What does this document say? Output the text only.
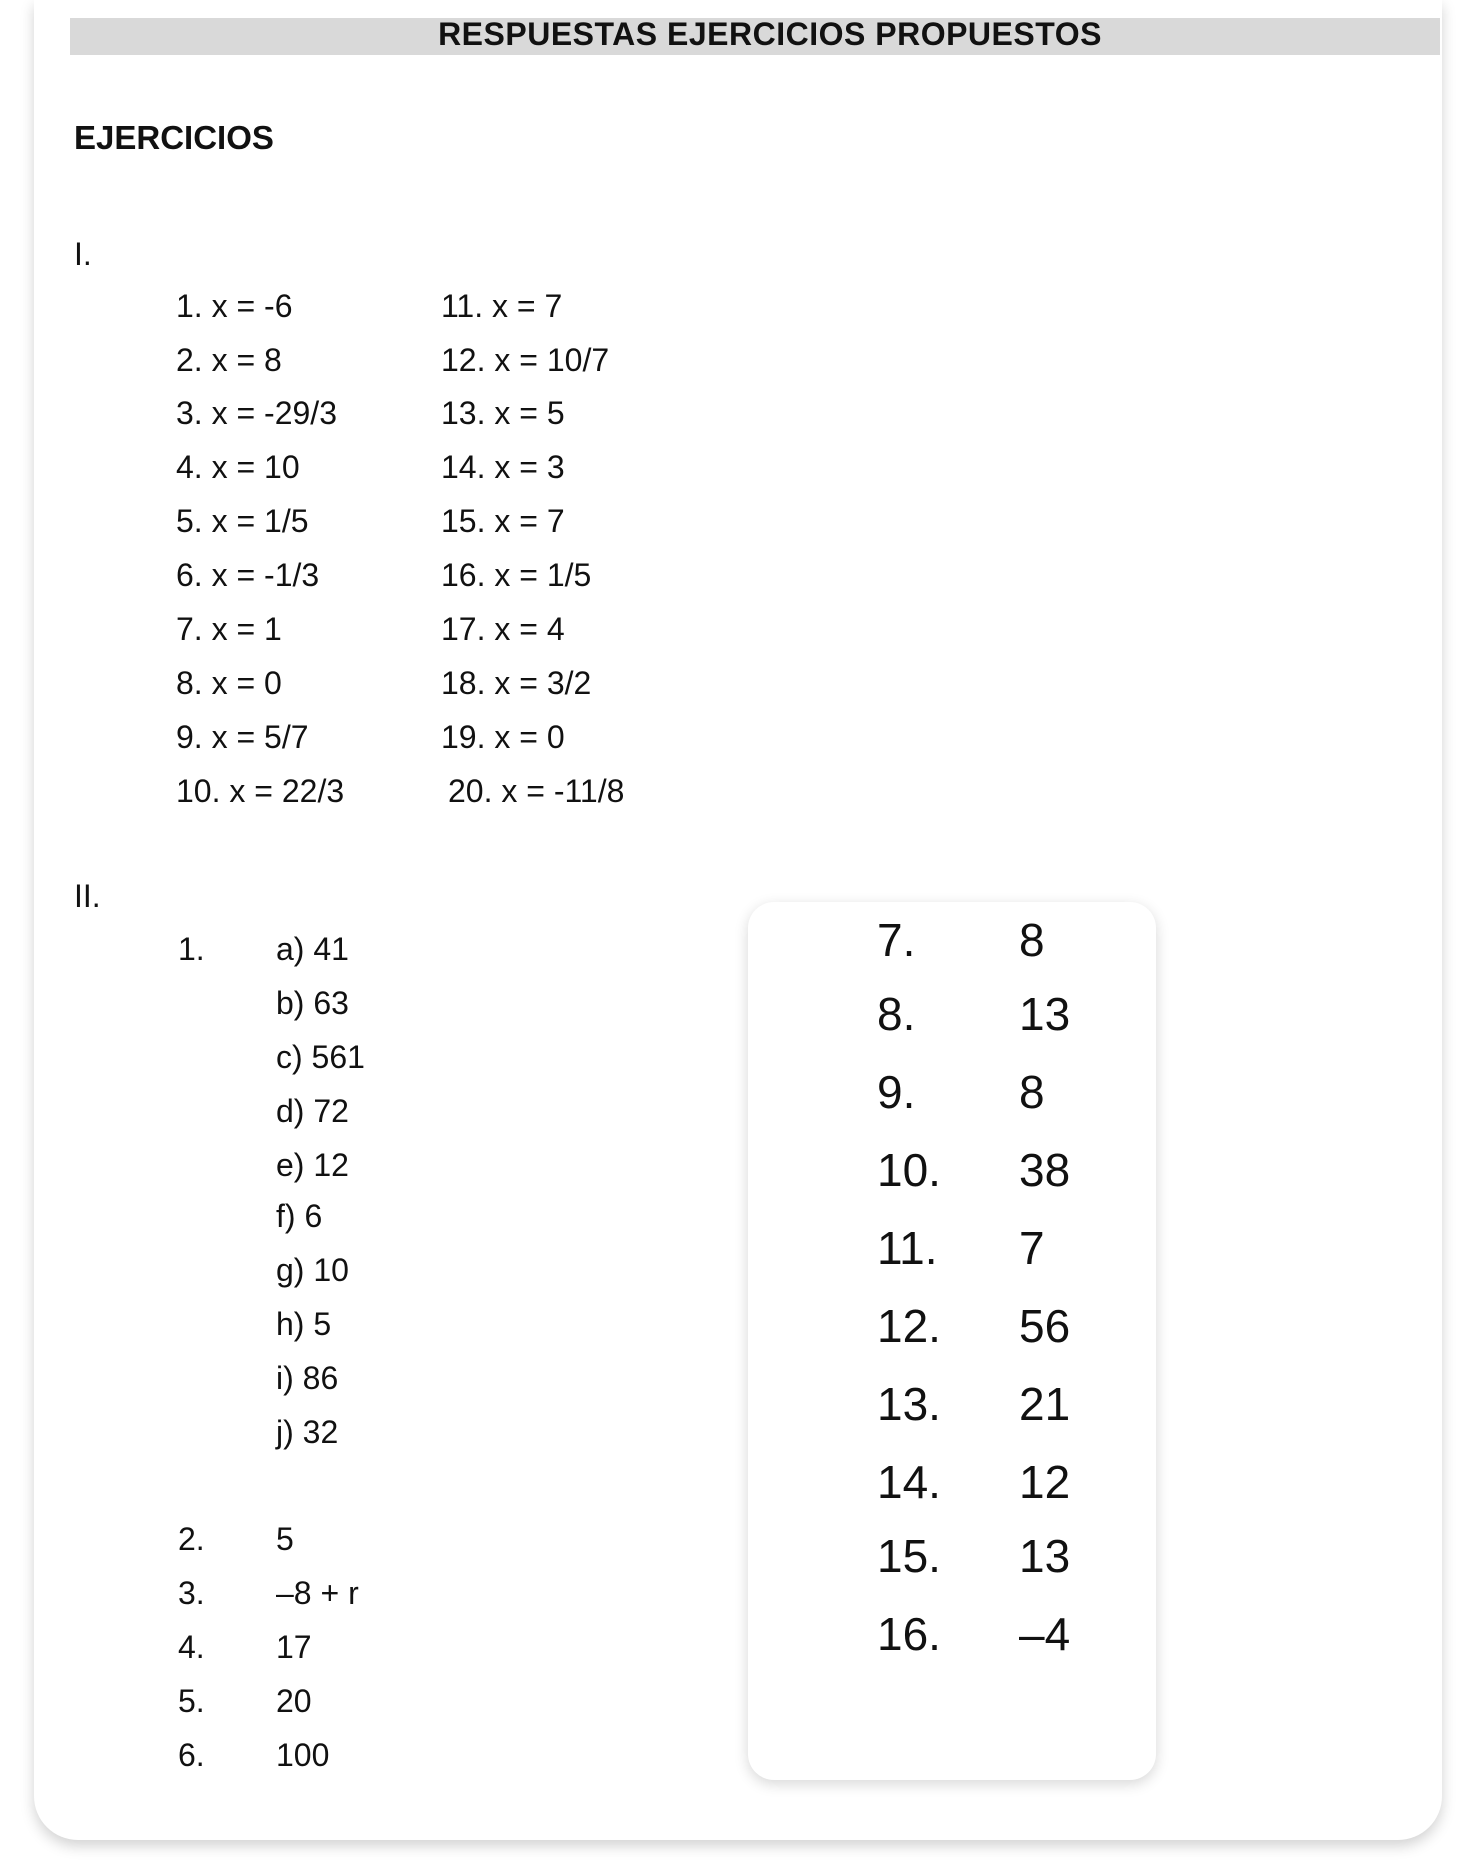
RESPUESTAS EJERCICIOS PROPUESTOS
EJERCICIOS
I.
1. x = -6
2. x = 8
3. x = -29/3
4. x = 10
5. x = 1/5
6. x = -1/3
7. x = 1
8. x = 0
9. x = 5/7
10. x = 22/3
11. x = 7
12. x = 10/7
13. x = 5
14. x = 3
15. x = 7
16. x = 1/5
17. x = 4
18. x = 3/2
19. x = 0
20. x = -11/8
II.
1. a) 41
b) 63
c) 561
d) 72
e) 12
f) 6
g) 10
h) 5
i) 86
j) 32
2. 5
3. –8 + r
4. 17
5. 20
6. 100
7. 8
8. 13
9. 8
10. 38
11. 7
12. 56
13. 21
14. 12
15. 13
16. –4
